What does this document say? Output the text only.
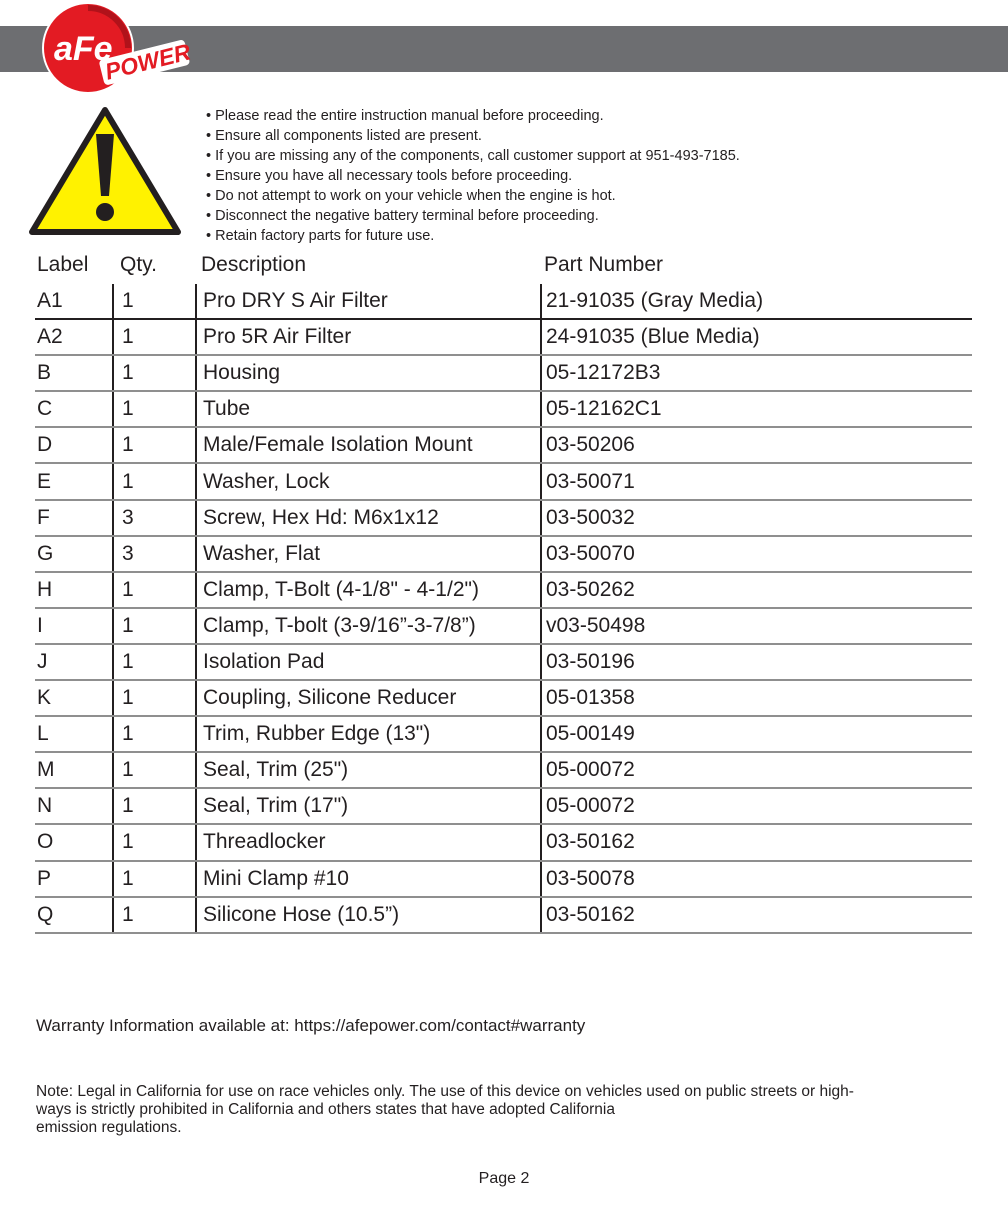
aFe
POWER
• Please read the entire instruction manual before proceeding.
• Ensure all components listed are present.
• If you are missing any of the components, call customer support at 951-493-7185.
• Ensure you have all necessary tools before proceeding.
• Do not attempt to work on your vehicle when the engine is hot.
• Disconnect the negative battery terminal before proceeding.
• Retain factory parts for future use.
Label	Qty.	Description	Part Number
A1	1	Pro DRY S Air Filter	21-91035 (Gray Media)
A2	1	Pro 5R Air Filter	24-91035 (Blue Media)
B	1	Housing	05-12172B3
C	1	Tube	05-12162C1
D	1	Male/Female Isolation Mount	03-50206
E	1	Washer, Lock	03-50071
F	3	Screw, Hex Hd: M6x1x12	03-50032
G	3	Washer, Flat	03-50070
H	1	Clamp, T-Bolt (4-1/8" - 4-1/2")	03-50262
I	1	Clamp, T-bolt (3-9/16”-3-7/8”)	v03-50498
J	1	Isolation Pad	03-50196
K	1	Coupling, Silicone Reducer	05-01358
L	1	Trim, Rubber Edge (13")	05-00149
M	1	Seal, Trim (25")	05-00072
N	1	Seal, Trim (17")	05-00072
O	1	Threadlocker	03-50162
P	1	Mini Clamp #10	03-50078
Q	1	Silicone Hose (10.5”)	03-50162
Warranty Information available at: https://afepower.com/contact#warranty

Note: Legal in California for use on race vehicles only. The use of this device on vehicles used on public streets or high-
ways is strictly prohibited in California and others states that have adopted California
emission regulations.

Page 2
